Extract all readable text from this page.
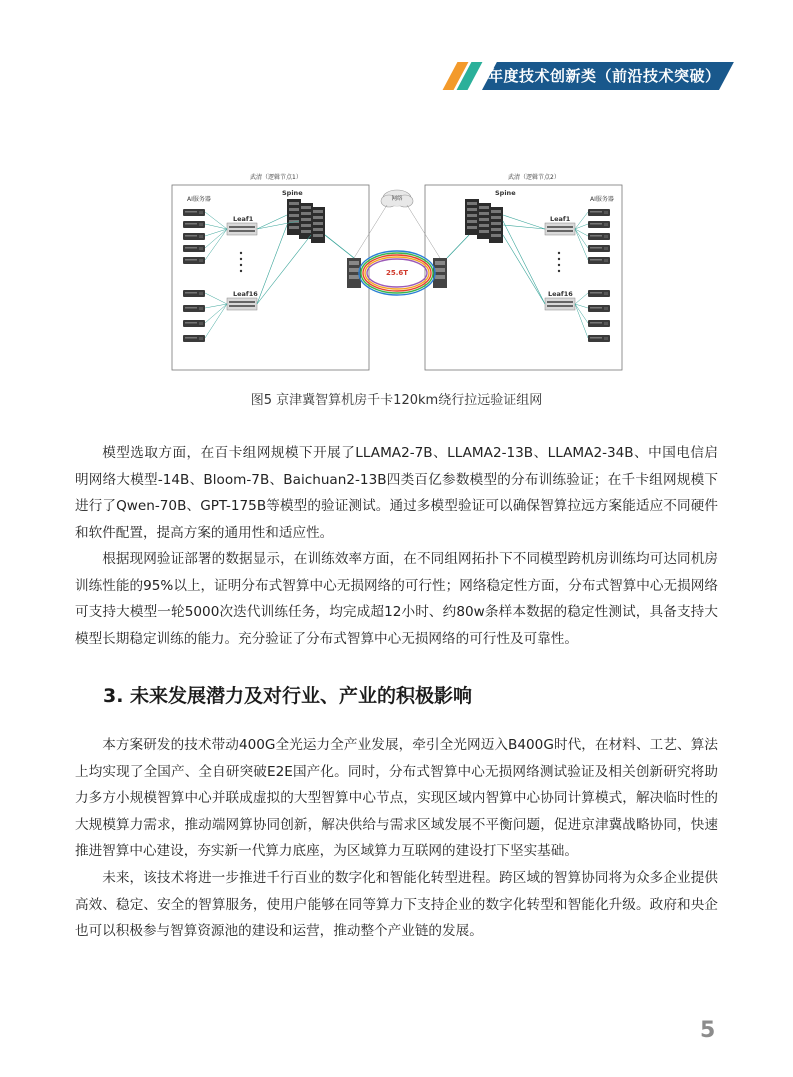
年度技术创新类（前沿技术突破）
武清（逻辑节点1）	武清（逻辑节点2）
AI服务器
Spine
Leaf1
Leaf16
Spine
AI服务器
Leaf1
Leaf16
网络
25.6T
图5 京津冀智算机房千卡120km绕行拉远验证组网
模型选取方面，在百卡组网规模下开展了LLAMA2-7B、LLAMA2-13B、LLAMA2-34B、中国电信启明网络大模型-14B、Bloom-7B、Baichuan2-13B四类百亿参数模型的分布训练验证；在千卡组网规模下进行了Qwen-70B、GPT-175B等模型的验证测试。通过多模型验证可以确保智算拉远方案能适应不同硬件和软件配置，提高方案的通用性和适应性。
根据现网验证部署的数据显示，在训练效率方面，在不同组网拓扑下不同模型跨机房训练均可达同机房训练性能的95%以上，证明分布式智算中心无损网络的可行性；网络稳定性方面，分布式智算中心无损网络可支持大模型一轮5000次迭代训练任务，均完成超12小时、约80w条样本数据的稳定性测试，具备支持大模型长期稳定训练的能力。充分验证了分布式智算中心无损网络的可行性及可靠性。
3. 未来发展潜力及对行业、产业的积极影响
本方案研发的技术带动400G全光运力全产业发展，牵引全光网迈入B400G时代，在材料、工艺、算法上均实现了全国产、全自研突破E2E国产化。同时，分布式智算中心无损网络测试验证及相关创新研究将助力多方小规模智算中心并联成虚拟的大型智算中心节点，实现区域内智算中心协同计算模式，解决临时性的大规模算力需求，推动端网算协同创新，解决供给与需求区域发展不平衡问题，促进京津冀战略协同，快速推进智算中心建设，夯实新一代算力底座，为区域算力互联网的建设打下坚实基础。
未来，该技术将进一步推进千行百业的数字化和智能化转型进程。跨区域的智算协同将为众多企业提供高效、稳定、安全的智算服务，使用户能够在同等算力下支持企业的数字化转型和智能化升级。政府和央企也可以积极参与智算资源池的建设和运营，推动整个产业链的发展。
5
